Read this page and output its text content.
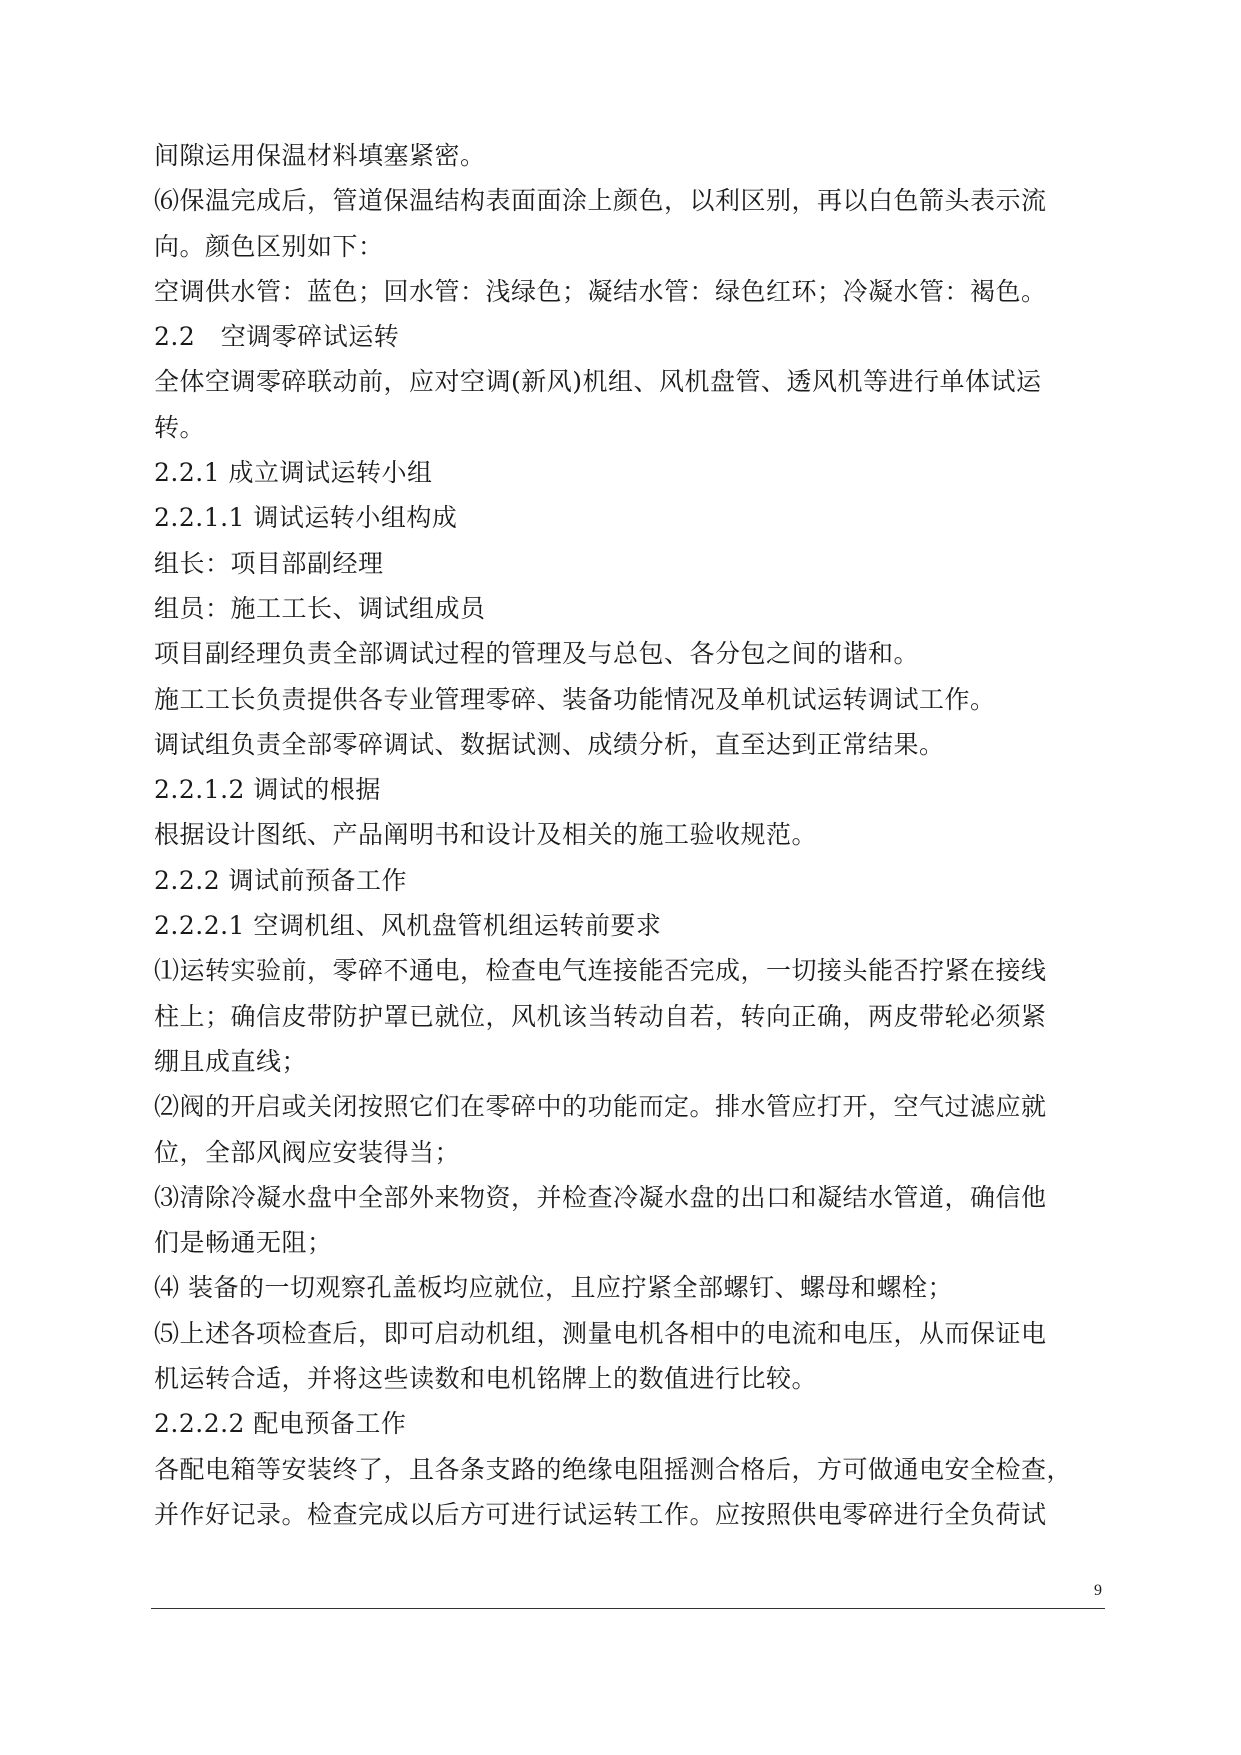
间隙运用保温材料填塞紧密。
⑹保温完成后，管道保温结构表面面涂上颜色，以利区别，再以白色箭头表示流
向。颜色区别如下：
空调供水管：蓝色；回水管：浅绿色；凝结水管：绿色红环；冷凝水管：褐色。
2.2　空调零碎试运转
全体空调零碎联动前，应对空调(新风)机组、风机盘管、透风机等进行单体试运
转。
2.2.1 成立调试运转小组
2.2.1.1 调试运转小组构成
组长：项目部副经理
组员：施工工长、调试组成员
项目副经理负责全部调试过程的管理及与总包、各分包之间的谐和。
施工工长负责提供各专业管理零碎、装备功能情况及单机试运转调试工作。
调试组负责全部零碎调试、数据试测、成绩分析，直至达到正常结果。
2.2.1.2 调试的根据
根据设计图纸、产品阐明书和设计及相关的施工验收规范。
2.2.2 调试前预备工作
2.2.2.1 空调机组、风机盘管机组运转前要求
⑴运转实验前，零碎不通电，检查电气连接能否完成，一切接头能否拧紧在接线
柱上；确信皮带防护罩已就位，风机该当转动自若，转向正确，两皮带轮必须紧
绷且成直线；
⑵阀的开启或关闭按照它们在零碎中的功能而定。排水管应打开，空气过滤应就
位，全部风阀应安装得当；
⑶清除冷凝水盘中全部外来物资，并检查冷凝水盘的出口和凝结水管道，确信他
们是畅通无阻；
⑷ 装备的一切观察孔盖板均应就位，且应拧紧全部螺钉、螺母和螺栓；
⑸上述各项检查后，即可启动机组，测量电机各相中的电流和电压，从而保证电
机运转合适，并将这些读数和电机铭牌上的数值进行比较。
2.2.2.2 配电预备工作
各配电箱等安装终了，且各条支路的绝缘电阻摇测合格后，方可做通电安全检查，
并作好记录。检查完成以后方可进行试运转工作。应按照供电零碎进行全负荷试
9
